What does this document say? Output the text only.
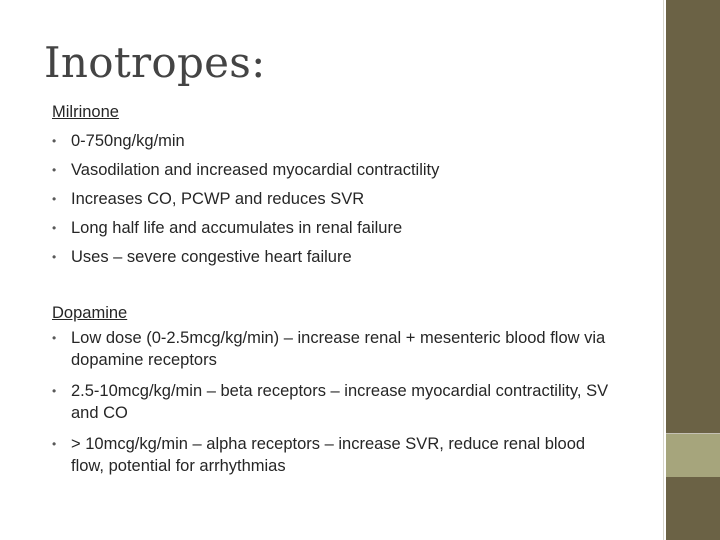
Inotropes:
Milrinone
• 0-750ng/kg/min
• Vasodilation and increased myocardial contractility
• Increases CO, PCWP and reduces SVR
• Long half life and accumulates in renal failure
• Uses – severe congestive heart failure
Dopamine
• Low dose (0-2.5mcg/kg/min) – increase renal + mesenteric blood flow via dopamine receptors
• 2.5-10mcg/kg/min – beta receptors – increase myocardial contractility, SV and CO
• > 10mcg/kg/min – alpha receptors – increase SVR, reduce renal blood flow, potential for arrhythmias
